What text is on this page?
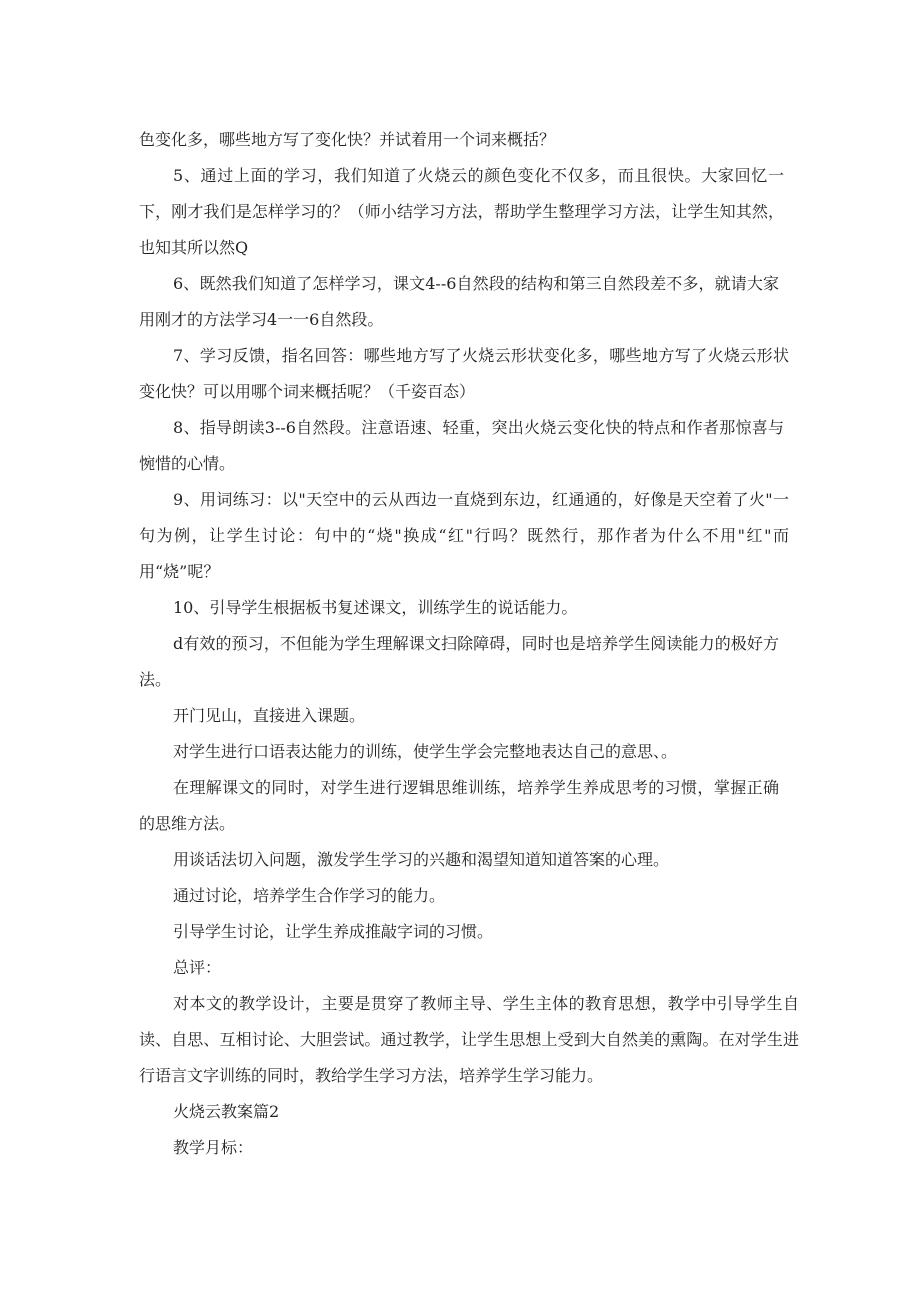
色变化多，哪些地方写了变化快？并试着用一个词来概括？

5、通过上面的学习，我们知道了火烧云的颜色变化不仅多，而且很快。大家回忆一下，刚才我们是怎样学习的？（师小结学习方法，帮助学生整理学习方法，让学生知其然，也知其所以然Q

6、既然我们知道了怎样学习，课文4--6自然段的结构和第三自然段差不多，就请大家用刚才的方法学习4一一6自然段。

7、学习反馈，指名回答：哪些地方写了火烧云形状变化多，哪些地方写了火烧云形状变化快？可以用哪个词来概括呢？（千姿百态）

8、指导朗读3--6自然段。注意语速、轻重，突出火烧云变化快的特点和作者那惊喜与惋惜的心情。

9、用词练习：以"天空中的云从西边一直烧到东边，红通通的，好像是天空着了火"一句为例，让学生讨论：句中的“烧"换成“红"行吗？既然行，那作者为什么不用"红"而用“烧”呢？

10、引导学生根据板书复述课文，训练学生的说话能力。

d有效的预习，不但能为学生理解课文扫除障碍，同时也是培养学生阅读能力的极好方法。

开门见山，直接进入课题。

对学生进行口语表达能力的训练，使学生学会完整地表达自己的意思、。

在理解课文的同时，对学生进行逻辑思维训练，培养学生养成思考的习惯，掌握正确的思维方法。

用谈话法切入问题，激发学生学习的兴趣和渴望知道知道答案的心理。

通过讨论，培养学生合作学习的能力。

引导学生讨论，让学生养成推敲字词的习惯。

总评：

对本文的教学设计，主要是贯穿了教师主导、学生主体的教育思想，教学中引导学生自读、自思、互相讨论、大胆尝试。通过教学，让学生思想上受到大自然美的熏陶。在对学生进行语言文字训练的同时，教给学生学习方法，培养学生学习能力。

火烧云教案篇2

教学月标：
